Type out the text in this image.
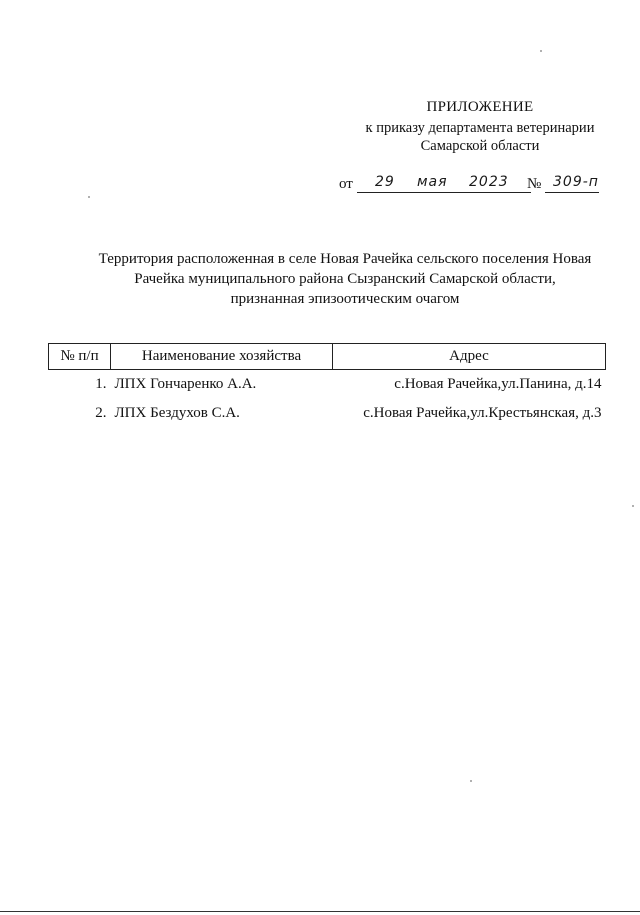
ПРИЛОЖЕНИЕ
к приказу департамента ветеринарии
Самарской области
от 29 мая 2023 № 309-п
Территория расположенная в селе Новая Рачейка сельского поселения Новая
Рачейка муниципального района Сызранский Самарской области,
признанная эпизоотическим очагом
№ п/п	Наименование хозяйства	Адрес
1.	ЛПХ Гончаренко А.А.	с.Новая Рачейка,ул.Панина, д.14
2.	ЛПХ Бездухов С.А.	с.Новая Рачейка,ул.Крестьянская, д.3
